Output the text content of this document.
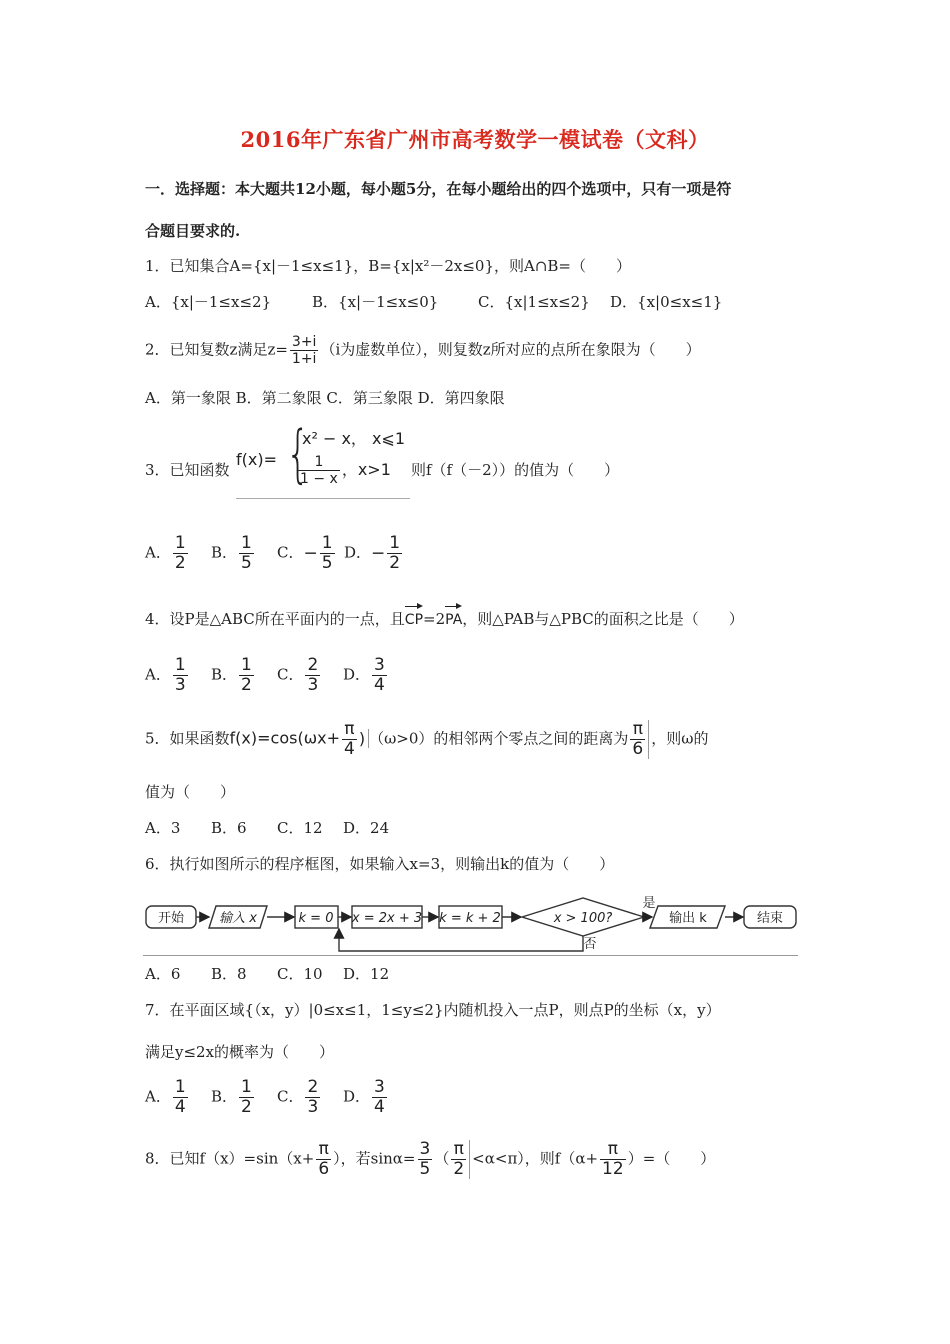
2016年广东省广州市高考数学一模试卷（文科）
一．选择题：本大题共12小题，每小题5分，在每小题给出的四个选项中，只有一项是符
合题目要求的.
1．已知集合A={x|－1≤x≤1}，B={x|x²－2x≤0}，则A∩B=（　　）
A．{x|－1≤x≤2}	B．{x|－1≤x≤0}	C．{x|1≤x≤2} D．{x|0≤x≤1}
2．已知复数z满足$z= \frac{3+i}{1+i} (i$为虚数单位），则复数z所对应的点所在象限为（　　）
A．第一象限 B．第二象限 C．第三象限 D．第四象限
3．已知函数
f(x)= {
x² − x， x⩽1
$\frac{1}{1 - x}$ ，x>1 则f（f（－2））的值为（　　）
A． $\frac{1}{2}$ B． $\frac{1}{5}$ C．− $\frac{1}{5}$ D．− $\frac{1}{2}$
4．设P是△ABC所在平面内的一点，且CP=2PA，则△PAB与△PBC的面积之比是（　　）
A． $\frac{1}{3}$ B． $\frac{1}{2}$ C． $\frac{2}{3}$ D． $\frac{3}{4}$
5．如果函数$f(x)=\cos(\omega x+ \frac{\pi}{4}$ ) （ω>0）的相邻两个零点之间的距离为 $\frac{\pi}{6}$ ，则ω的
值为（　　）
A．3 B．6 C．12 D．24
6．执行如图所示的程序框图，如果输入x=3，则输出k的值为（　　）
开始	输入 x	k = 0 x = 2x + 3 k = k + 2	x > 100?
是
否
输出 k	结束
A．6 B．8 C．10 D．12
7．在平面区域{（x，y）|0≤x≤1，1≤y≤2}内随机投入一点P，则点P的坐标（x，y）
满足y≤2x的概率为（　　）
A． $\frac{1}{4}$ B． $\frac{1}{2}$ C． $\frac{2}{3}$ D． $\frac{3}{4}$
8．已知$f(x)=\sin(x+ \frac{\pi}{6}$ ），若$\sin\alpha= \frac{3}{5}$ （ $\frac{\pi}{2} <\alpha<\pi$），则$f(\alpha+ \frac{\pi}{12}$ ）=（　　）
